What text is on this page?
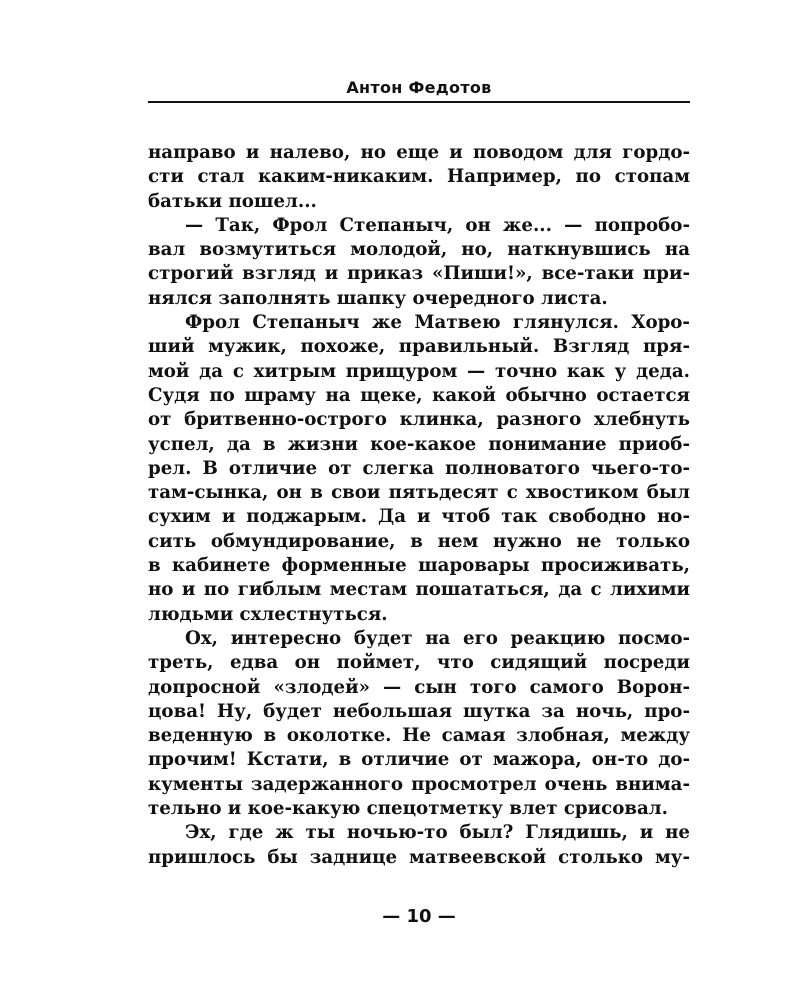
Антон Федотов
направо и налево, но еще и поводом для гордо-
сти стал каким-никаким. Например, по стопам
батьки пошел...
— Так, Фрол Степаныч, он же... — попробо-
вал возмутиться молодой, но, наткнувшись на
строгий взгляд и приказ «Пиши!», все-таки при-
нялся заполнять шапку очередного листа.
Фрол Степаныч же Матвею глянулся. Хоро-
ший мужик, похоже, правильный. Взгляд пря-
мой да с хитрым прищуром — точно как у деда.
Судя по шраму на щеке, какой обычно остается
от бритвенно-острого клинка, разного хлебнуть
успел, да в жизни кое-какое понимание приоб-
рел. В отличие от слегка полноватого чьего-то-
там-сынка, он в свои пятьдесят с хвостиком был
сухим и поджарым. Да и чтоб так свободно но-
сить обмундирование, в нем нужно не только
в кабинете форменные шаровары просиживать,
но и по гиблым местам пошататься, да с лихими
людьми схлестнуться.
Ох, интересно будет на его реакцию посмо-
треть, едва он поймет, что сидящий посреди
допросной «злодей» — сын того самого Ворон-
цова! Ну, будет небольшая шутка за ночь, про-
веденную в околотке. Не самая злобная, между
прочим! Кстати, в отличие от мажора, он-то до-
кументы задержанного просмотрел очень внима-
тельно и кое-какую спецотметку влет срисовал.
Эх, где ж ты ночью-то был? Глядишь, и не
пришлось бы заднице матвеевской столько му-
— 10 —
